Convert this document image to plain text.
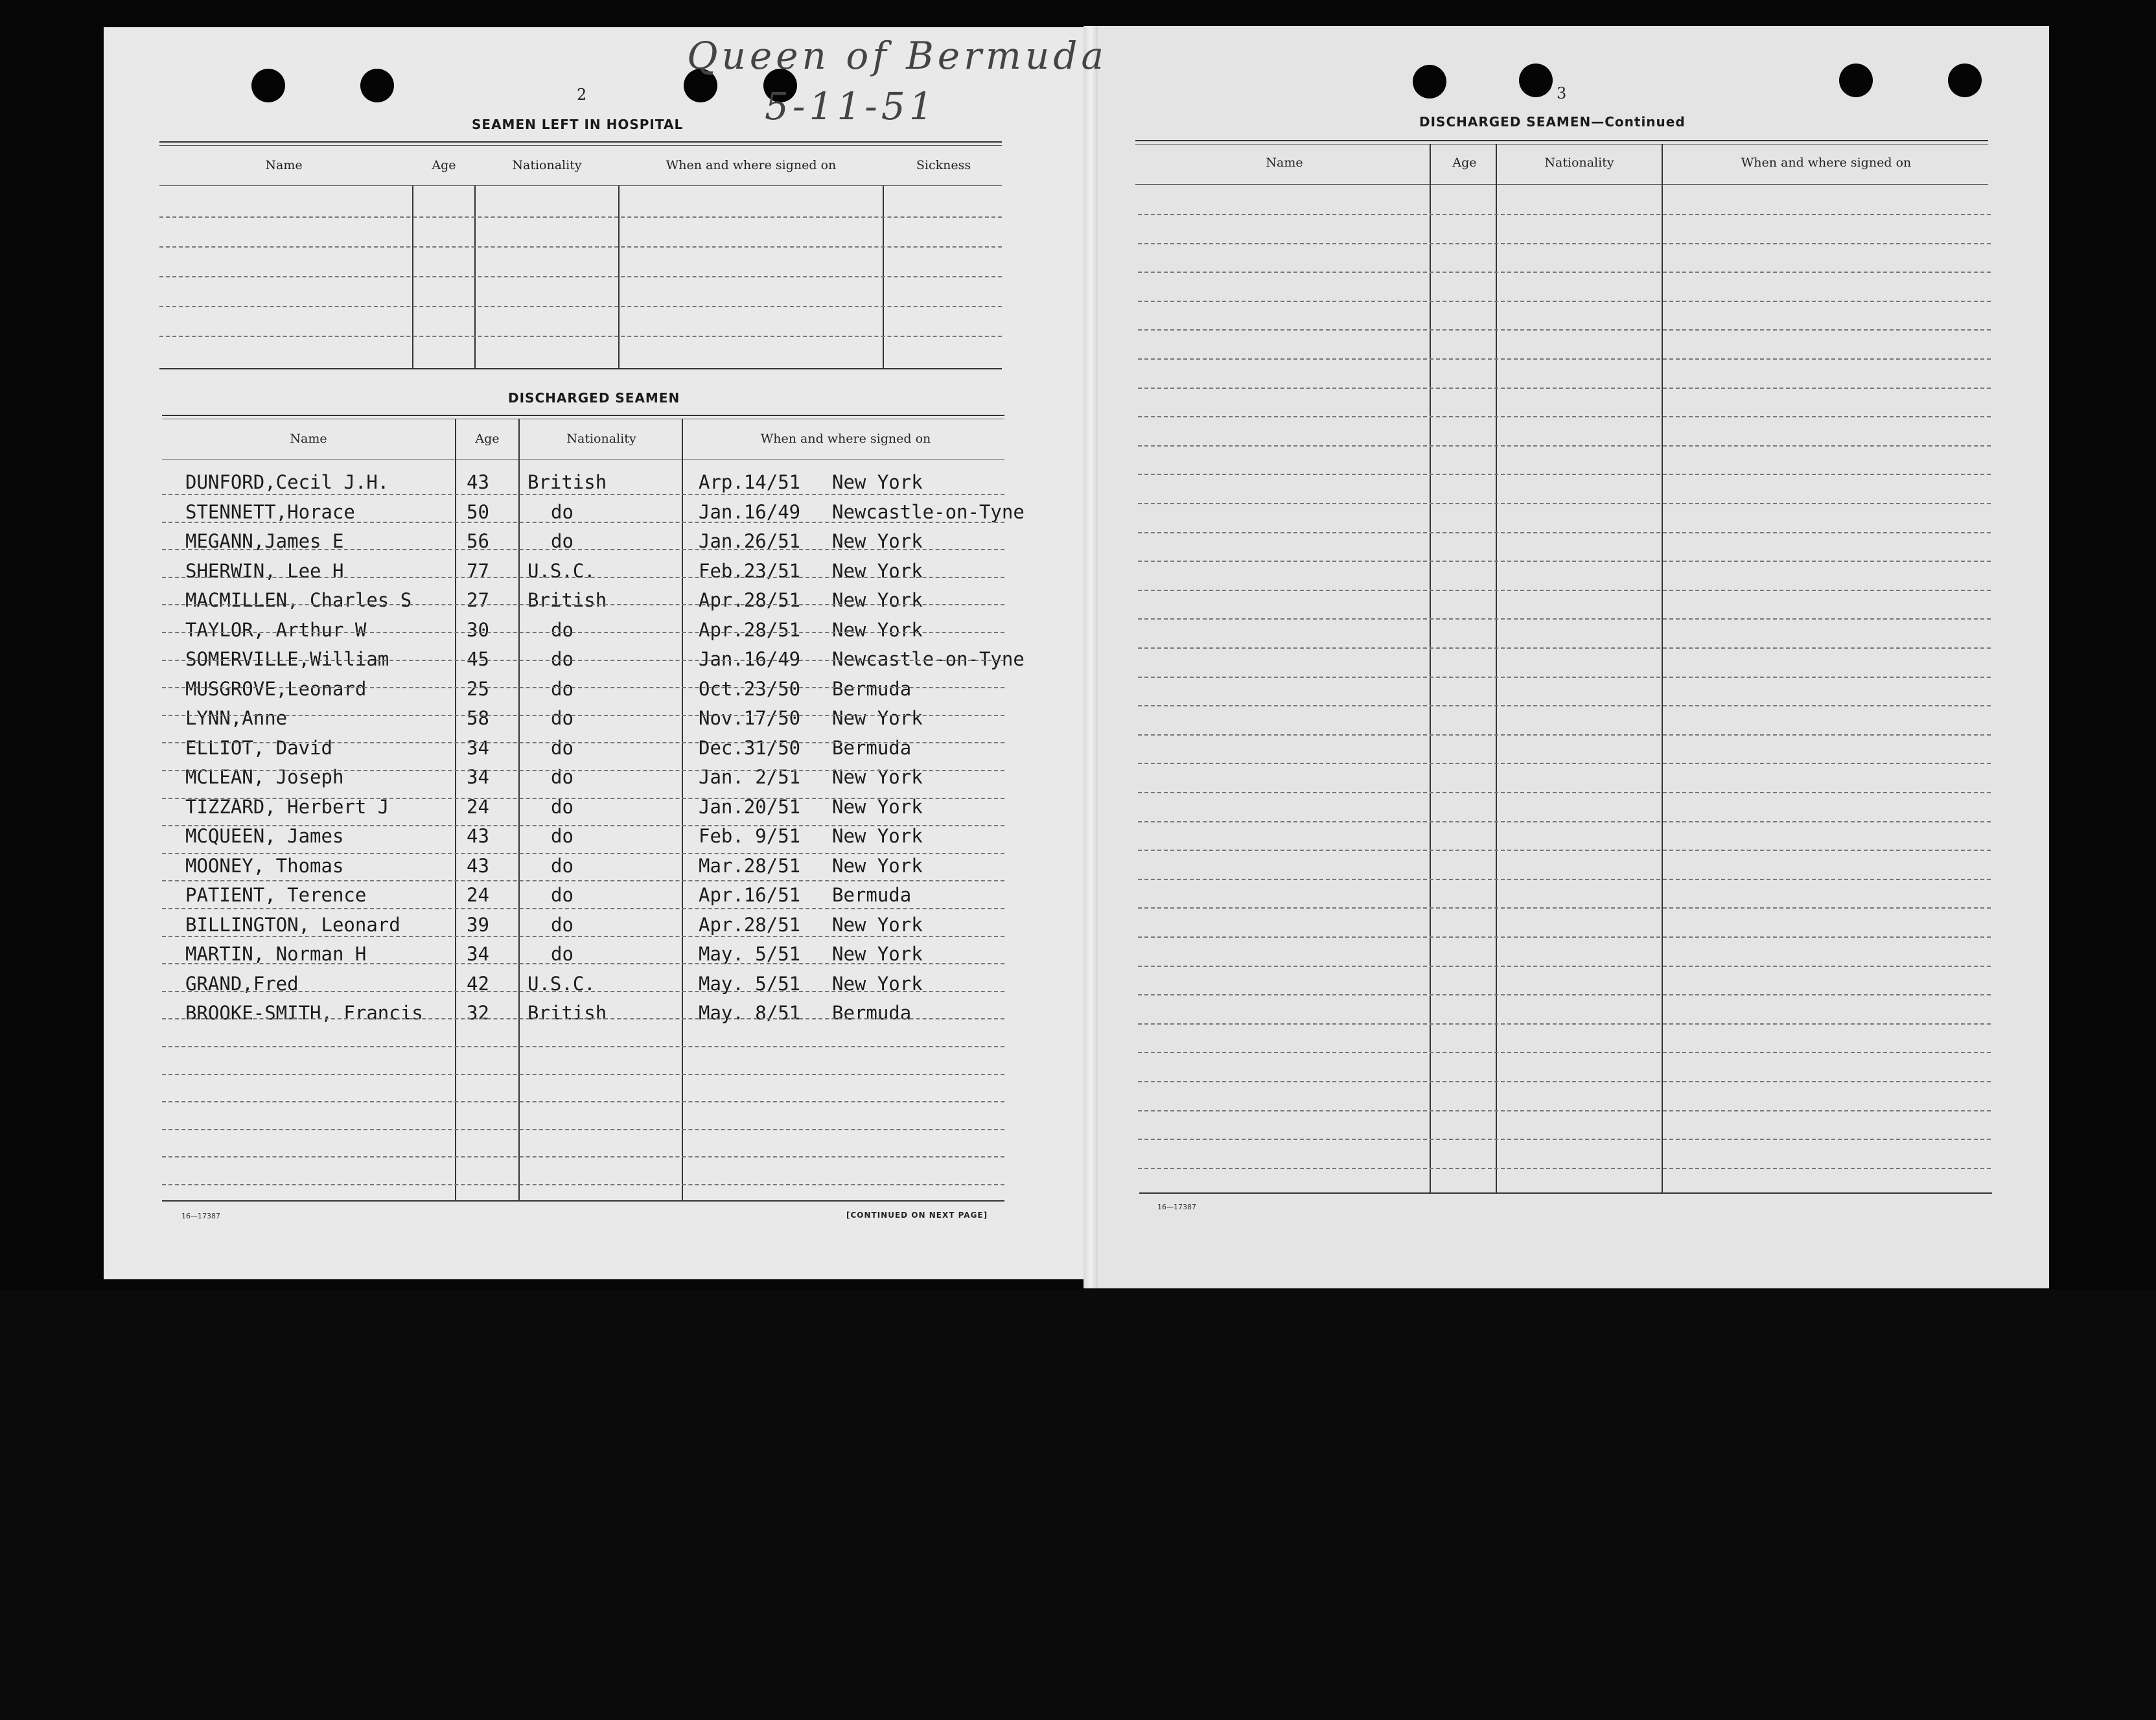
Queen of Bermuda
5-11-51
2
SEAMEN LEFT IN HOSPITAL
Name	Age	Nationality	When and where signed on	Sickness
DISCHARGED SEAMEN
Name	Age	Nationality	When and where signed on
DUNFORD,Cecil J.H.	43 British	Arp.14/51 New York
STENNETT,Horace	50	do	Jan.16/49 Newcastle-on-Tyne
MEGANN,James E	56	do	Jan.26/51 New York
SHERWIN, Lee H	77 U.S.C.	Feb.23/51 New York
MACMILLEN, Charles S	27 British	Apr.28/51 New York
TAYLOR, Arthur W	30	do	Apr.28/51 New York
SOMERVILLE,William	45	do	Jan.16/49 Newcastle-on-Tyne
MUSGROVE,Leonard	25	do	Oct.23/50 Bermuda
LYNN,Anne	58	do	Nov.17/50 New York
ELLIOT, David	34	do	Dec.31/50 Bermuda
MCLEAN, Joseph	34	do	Jan. 2/51 New York
TIZZARD, Herbert J	24	do	Jan.20/51 New York
MCQUEEN, James	43	do	Feb. 9/51 New York
MOONEY, Thomas	43	do	Mar.28/51 New York
PATIENT, Terence	24	do	Apr.16/51 Bermuda
BILLINGTON, Leonard	39	do	Apr.28/51 New York
MARTIN, Norman H	34	do	May. 5/51 New York
GRAND,Fred	42 U.S.C.	May. 5/51 New York
BROOKE-SMITH, Francis 32 British	May. 8/51 Bermuda
16—17387	[CONTINUED ON NEXT PAGE]
3
DISCHARGED SEAMEN—Continued
Name	Age	Nationality	When and where signed on
16—17387
